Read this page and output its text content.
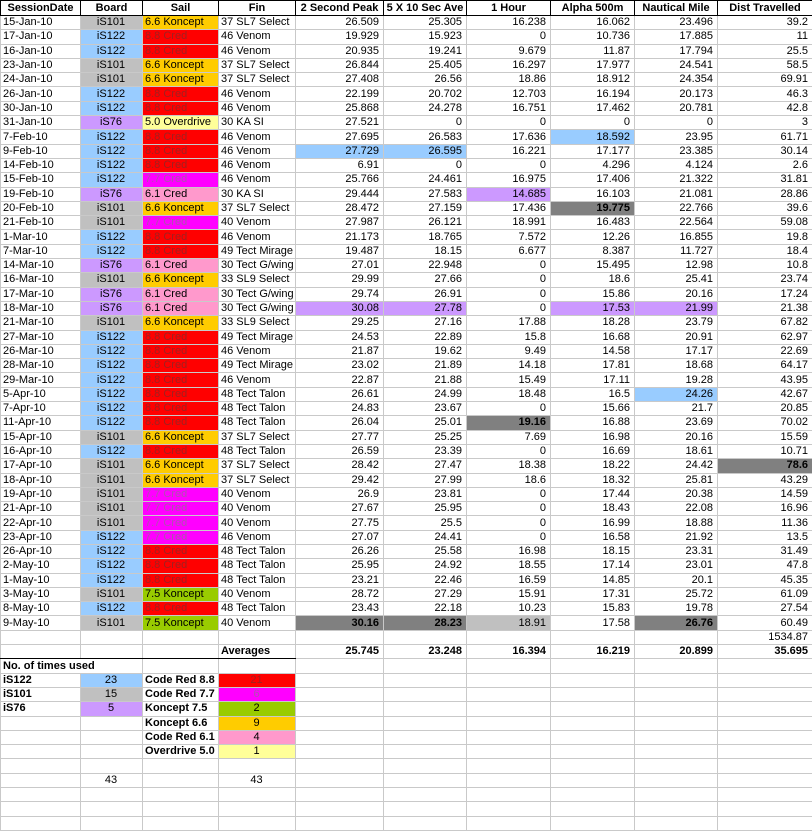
SessionDate	Board	Sail	Fin	2 Second Peak	5 X 10 Sec Ave	1 Hour	Alpha 500m	Nautical Mile	Dist Travelled
15-Jan-10	iS101	6.6 Koncept	37 SL7 Select	26.509	25.305	16.238	16.062	23.496	39.2
17-Jan-10	iS122	8.8 Cred	46 Venom	19.929	15.923	0	10.736	17.885	11
16-Jan-10	iS122	8.8 Cred	46 Venom	20.935	19.241	9.679	11.87	17.794	25.5
23-Jan-10	iS101	6.6 Koncept	37 SL7 Select	26.844	25.405	16.297	17.977	24.541	58.5
24-Jan-10	iS101	6.6 Koncept	37 SL7 Select	27.408	26.56	18.86	18.912	24.354	69.91
26-Jan-10	iS122	8.8 Cred	46 Venom	22.199	20.702	12.703	16.194	20.173	46.3
30-Jan-10	iS122	8.8 Cred	46 Venom	25.868	24.278	16.751	17.462	20.781	42.8
31-Jan-10	iS76	5.0 Overdrive	30 KA SI	27.521	0	0	0	0	3
7-Feb-10	iS122	8.8 Cred	46 Venom	27.695	26.583	17.636	18.592	23.95	61.71
9-Feb-10	iS122	8.8 Cred	46 Venom	27.729	26.595	16.221	17.177	23.385	30.14
14-Feb-10	iS122	8.8 Cred	46 Venom	6.91	0	0	4.296	4.124	2.6
15-Feb-10	iS122	7.7 Cred	46 Venom	25.766	24.461	16.975	17.406	21.322	31.81
19-Feb-10	iS76	6.1 Cred	30 KA SI	29.444	27.583	14.685	16.103	21.081	28.86
20-Feb-10	iS101	6.6 Koncept	37 SL7 Select	28.472	27.159	17.436	19.775	22.766	39.6
21-Feb-10	iS101	7.7 Cred	40 Venom	27.987	26.121	18.991	16.483	22.564	59.08
1-Mar-10	iS122	8.8 Cred	46 Venom	21.173	18.765	7.572	12.26	16.855	19.8
7-Mar-10	iS122	8.8 Cred	49 Tect Mirage	19.487	18.15	6.677	8.387	11.727	18.4
14-Mar-10	iS76	6.1 Cred	30 Tect G/wing	27.01	22.948	0	15.495	12.98	10.8
16-Mar-10	iS101	6.6 Koncept	33 SL9 Select	29.99	27.66	0	18.6	25.41	23.74
17-Mar-10	iS76	6.1 Cred	30 Tect G/wing	29.74	26.91	0	15.86	20.16	17.24
18-Mar-10	iS76	6.1 Cred	30 Tect G/wing	30.08	27.78	0	17.53	21.99	21.38
21-Mar-10	iS101	6.6 Koncept	33 SL9 Select	29.25	27.16	17.88	18.28	23.79	67.82
27-Mar-10	iS122	8.8 Cred	49 Tect Mirage	24.53	22.89	15.8	16.68	20.91	62.97
26-Mar-10	iS122	8.8 Cred	46 Venom	21.87	19.62	9.49	14.58	17.17	22.69
28-Mar-10	iS122	8.8 Cred	49 Tect Mirage	23.02	21.89	14.18	17.81	18.68	64.17
29-Mar-10	iS122	8.8 Cred	46 Venom	22.87	21.88	15.49	17.11	19.28	43.95
5-Apr-10	iS122	8.8 Cred	48 Tect Talon	26.61	24.99	18.48	16.5	24.26	42.67
7-Apr-10	iS122	8.8 Cred	48 Tect Talon	24.83	23.67	0	15.66	21.7	20.85
11-Apr-10	iS122	8.8 Cred	48 Tect Talon	26.04	25.01	19.16	16.88	23.69	70.02
15-Apr-10	iS101	6.6 Koncept	37 SL7 Select	27.77	25.25	7.69	16.98	20.16	15.59
16-Apr-10	iS122	8.8 Cred	48 Tect Talon	26.59	23.39	0	16.69	18.61	10.71
17-Apr-10	iS101	6.6 Koncept	37 SL7 Select	28.42	27.47	18.38	18.22	24.42	78.6
18-Apr-10	iS101	6.6 Koncept	37 SL7 Select	29.42	27.99	18.6	18.32	25.81	43.29
19-Apr-10	iS101	7.7 Cred	40 Venom	26.9	23.81	0	17.44	20.38	14.59
21-Apr-10	iS101	7.7 Cred	40 Venom	27.67	25.95	0	18.43	22.08	16.96
22-Apr-10	iS101	7.7 Cred	40 Venom	27.75	25.5	0	16.99	18.88	11.36
23-Apr-10	iS122	7.7 Cred	46 Venom	27.07	24.41	0	16.58	21.92	13.5
26-Apr-10	iS122	8.8 Cred	48 Tect Talon	26.26	25.58	16.98	18.15	23.31	31.49
2-May-10	iS122	8.8 Cred	48 Tect Talon	25.95	24.92	18.55	17.14	23.01	47.8
1-May-10	iS122	8.8 Cred	48 Tect Talon	23.21	22.46	16.59	14.85	20.1	45.35
3-May-10	iS101	7.5 Koncept	40 Venom	28.72	27.29	15.91	17.31	25.72	61.09
8-May-10	iS122	8.8 Cred	48 Tect Talon	23.43	22.18	10.23	15.83	19.78	27.54
9-May-10	iS101	7.5 Koncept	40 Venom	30.16	28.23	18.91	17.58	26.76	60.49
									1534.87
			Averages	25.745	23.248	16.394	16.219	20.899	35.695
No. of times used									
iS122	23	Code Red 8.8	21						
iS101	15	Code Red 7.7	6						
iS76	5	Koncept 7.5	2						
		Koncept 6.6	9						
		Code Red 6.1	4						
		Overdrive 5.0	1						

	43		43						
